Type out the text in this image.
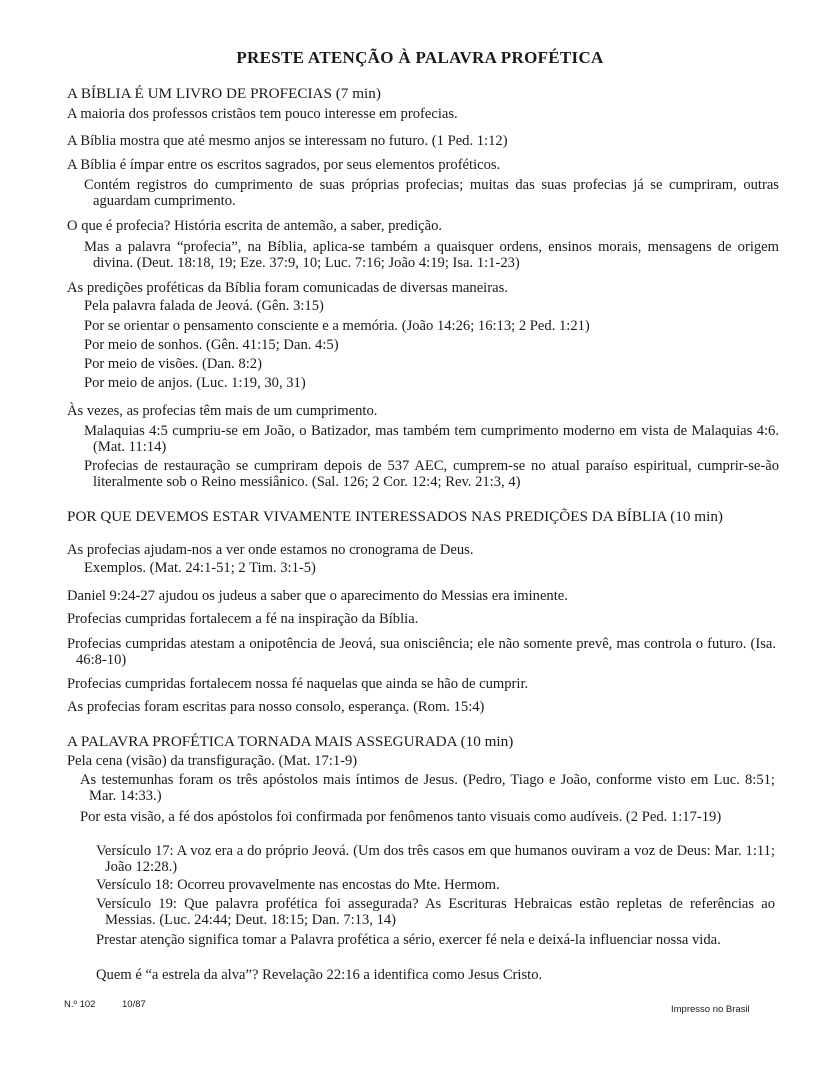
PRESTE ATENÇÃO À PALAVRA PROFÉTICA
A BÍBLIA É UM LIVRO DE PROFECIAS (7 min)
A maioria dos professos cristãos tem pouco interesse em profecias.
A Bíblia mostra que até mesmo anjos se interessam no futuro. (1 Ped. 1:12)
A Bíblia é ímpar entre os escritos sagrados, por seus elementos proféticos.
Contém registros do cumprimento de suas próprias profecias; muitas das suas profecias já se cumpriram, outras aguardam cumprimento.
O que é profecia? História escrita de antemão, a saber, predição.
Mas a palavra “profecia”, na Bíblia, aplica-se também a quaisquer ordens, ensinos morais, mensagens de origem divina. (Deut. 18:18, 19; Eze. 37:9, 10; Luc. 7:16; João 4:19; Isa. 1:1-23)
As predições proféticas da Bíblia foram comunicadas de diversas maneiras.
Pela palavra falada de Jeová. (Gên. 3:15)
Por se orientar o pensamento consciente e a memória. (João 14:26; 16:13; 2 Ped. 1:21)
Por meio de sonhos. (Gên. 41:15; Dan. 4:5)
Por meio de visões. (Dan. 8:2)
Por meio de anjos. (Luc. 1:19, 30, 31)
Às vezes, as profecias têm mais de um cumprimento.
Malaquias 4:5 cumpriu-se em João, o Batizador, mas também tem cumprimento moderno em vista de Malaquias 4:6. (Mat. 11:14)
Profecias de restauração se cumpriram depois de 537 AEC, cumprem-se no atual paraíso espiritual, cumprir-se-ão literalmente sob o Reino messiânico. (Sal. 126; 2 Cor. 12:4; Rev. 21:3, 4)
POR QUE DEVEMOS ESTAR VIVAMENTE INTERESSADOS NAS PREDIÇÕES DA BÍBLIA (10 min)
As profecias ajudam-nos a ver onde estamos no cronograma de Deus.
Exemplos. (Mat. 24:1-51; 2 Tim. 3:1-5)
Daniel 9:24-27 ajudou os judeus a saber que o aparecimento do Messias era iminente.
Profecias cumpridas fortalecem a fé na inspiração da Bíblia.
Profecias cumpridas atestam a onipotência de Jeová, sua onisciência; ele não somente prevê, mas controla o futuro. (Isa. 46:8-10)
Profecias cumpridas fortalecem nossa fé naquelas que ainda se hão de cumprir.
As profecias foram escritas para nosso consolo, esperança. (Rom. 15:4)
A PALAVRA PROFÉTICA TORNADA MAIS ASSEGURADA (10 min)
Pela cena (visão) da transfiguração. (Mat. 17:1-9)
As testemunhas foram os três apóstolos mais íntimos de Jesus. (Pedro, Tiago e João, conforme visto em Luc. 8:51; Mar. 14:33.)
Por esta visão, a fé dos apóstolos foi confirmada por fenômenos tanto visuais como audíveis. (2 Ped. 1:17-19)
Versículo 17: A voz era a do próprio Jeová. (Um dos três casos em que humanos ouviram a voz de Deus: Mar. 1:11; João 12:28.)
Versículo 18: Ocorreu provavelmente nas encostas do Mte. Hermom.
Versículo 19: Que palavra profética foi assegurada? As Escrituras Hebraicas estão repletas de referências ao Messias. (Luc. 24:44; Deut. 18:15; Dan. 7:13, 14)
Prestar atenção significa tomar a Palavra profética a sério, exercer fé nela e deixá-la influenciar nossa vida.
Quem é “a estrela da alva”? Revelação 22:16 a identifica como Jesus Cristo.
N.º 102	10/87	Impresso no Brasil
